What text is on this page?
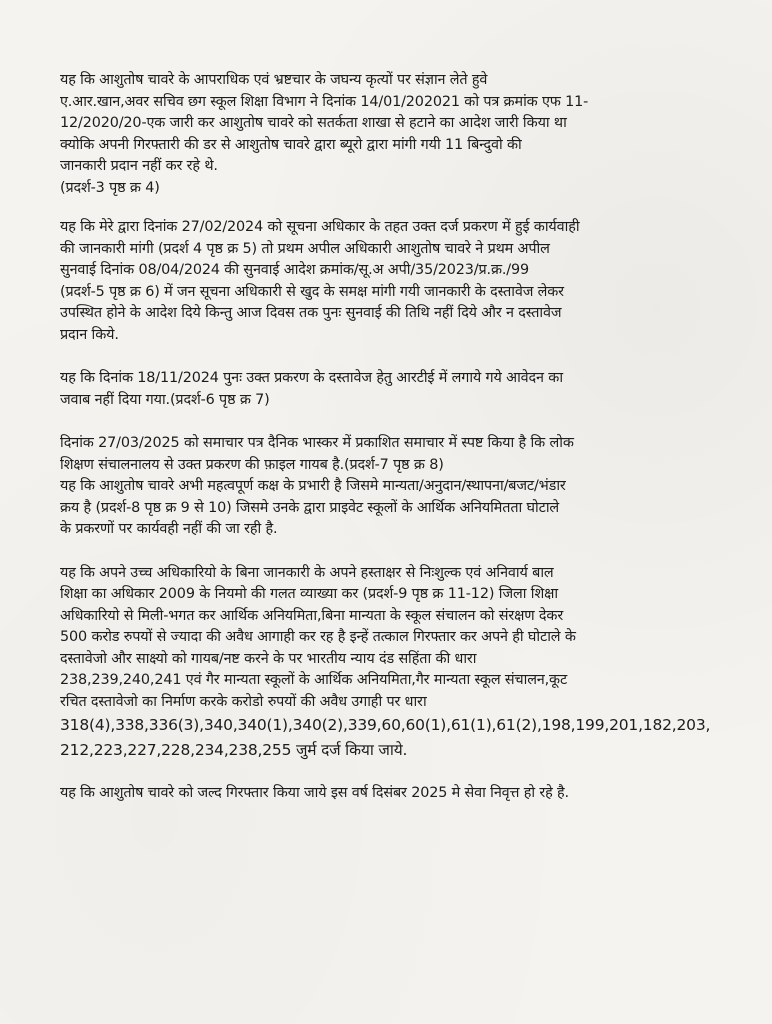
यह कि आशुतोष चावरे के आपराधिक एवं भ्रष्टचार के जघन्य कृत्यों पर संज्ञान लेते हुवे
ए.आर.खान,अवर सचिव छग स्कूल शिक्षा विभाग ने दिनांक 14/01/202021 को पत्र क्रमांक एफ 11-
12/2020/20-एक जारी कर आशुतोष चावरे को सतर्कता शाखा से हटाने का आदेश जारी किया था
क्योकि अपनी गिरफ्तारी की डर से आशुतोष चावरे द्वारा ब्यूरो द्वारा मांगी गयी 11 बिन्दुवो की
जानकारी प्रदान नहीं कर रहे थे.
(प्रदर्श-3 पृष्ठ क्र 4)
यह कि मेरे द्वारा दिनांक 27/02/2024 को सूचना अधिकार के तहत उक्त दर्ज प्रकरण में हुई कार्यवाही
की जानकारी मांगी (प्रदर्श 4 पृष्ठ क्र 5) तो प्रथम अपील अधिकारी आशुतोष चावरे ने प्रथम अपील
सुनवाई दिनांक 08/04/2024 की सुनवाई आदेश क्रमांक/सू.अ अपी/35/2023/प्र.क्र./99
(प्रदर्श-5 पृष्ठ क्र 6) में जन सूचना अधिकारी से खुद के समक्ष मांगी गयी जानकारी के दस्तावेज लेकर
उपस्थित होने के आदेश दिये किन्तु आज दिवस तक पुनः सुनवाई की तिथि नहीं दिये और न दस्तावेज
प्रदान किये.
यह कि दिनांक 18/11/2024 पुनः उक्त प्रकरण के दस्तावेज हेतु आरटीई में लगाये गये आवेदन का
जवाब नहीं दिया गया.(प्रदर्श-6 पृष्ठ क्र 7)
दिनांक 27/03/2025 को समाचार पत्र दैनिक भास्कर में प्रकाशित समाचार में स्पष्ट किया है कि लोक
शिक्षण संचालनालय से उक्त प्रकरण की फ़ाइल गायब है.(प्रदर्श-7 पृष्ठ क्र 8)
यह कि आशुतोष चावरे अभी महत्वपूर्ण कक्ष के प्रभारी है जिसमे मान्यता/अनुदान/स्थापना/बजट/भंडार
क्रय है (प्रदर्श-8 पृष्ठ क्र 9 से 10) जिसमे उनके द्वारा प्राइवेट स्कूलों के आर्थिक अनियमितता घोटाले
के प्रकरणों पर कार्यवही नहीं की जा रही है.
यह कि अपने उच्च अधिकारियो के बिना जानकारी के अपने हस्ताक्षर से निःशुल्क एवं अनिवार्य बाल
शिक्षा का अधिकार 2009 के नियमो की गलत व्याख्या कर (प्रदर्श-9 पृष्ठ क्र 11-12) जिला शिक्षा
अधिकारियो से मिली-भगत कर आर्थिक अनियमिता,बिना मान्यता के स्कूल संचालन को संरक्षण देकर
500 करोड रुपयों से ज्यादा की अवैध आगाही कर रह है इन्हें तत्काल गिरफ्तार कर अपने ही घोटाले के
दस्तावेजो और साक्ष्यो को गायब/नष्ट करने के पर भारतीय न्याय दंड सहिंता की धारा
238,239,240,241 एवं गैर मान्यता स्कूलों के आर्थिक अनियमिता,गैर मान्यता स्कूल संचालन,कूट
रचित दस्तावेजो का निर्माण करके करोडो रुपयों की अवैध उगाही पर धारा
318(4),338,336(3),340,340(1),340(2),339,60,60(1),61(1),61(2),198,199,201,182,203,
212,223,227,228,234,238,255 जुर्म दर्ज किया जाये.
यह कि आशुतोष चावरे को जल्द गिरफ्तार किया जाये इस वर्ष दिसंबर 2025 मे सेवा निवृत्त हो रहे है.
